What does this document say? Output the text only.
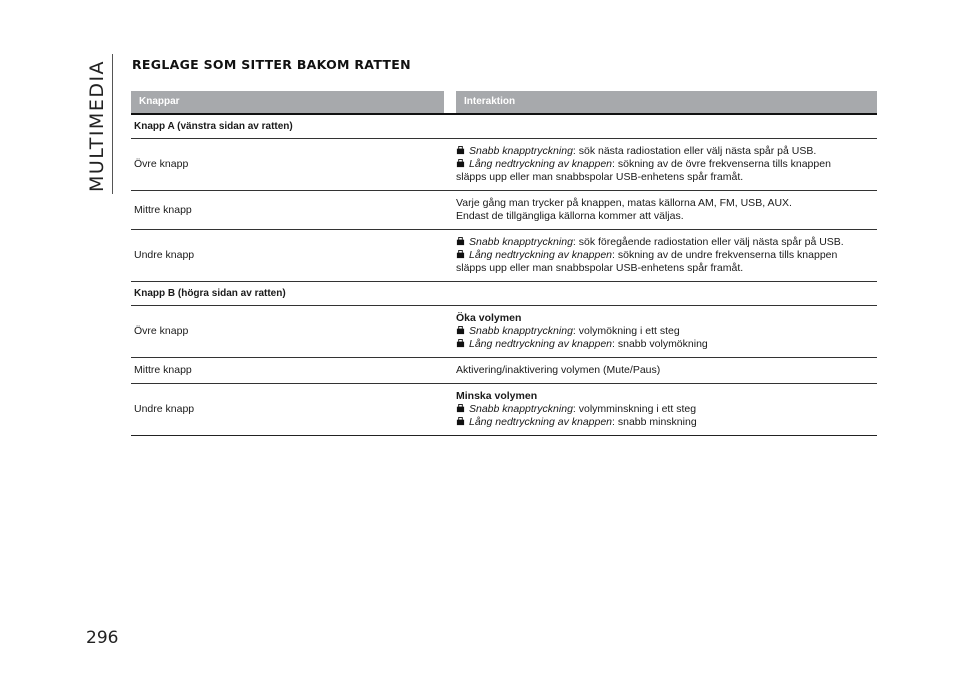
MULTIMEDIA REGLAGE SOM SITTER BAKOM RATTEN
Knappar	Interaktion
Knapp A (vänstra sidan av ratten)
Övre knapp
Snabb knapptryckning: sök nästa radiostation eller välj nästa spår på USB.
Lång nedtryckning av knappen: sökning av de övre frekvenserna tills knappen
släpps upp eller man snabbspolar USB-enhetens spår framåt.
Mittre knapp
Varje gång man trycker på knappen, matas källorna AM, FM, USB, AUX.
Endast de tillgängliga källorna kommer att väljas.
Undre knapp
Snabb knapptryckning: sök föregående radiostation eller välj nästa spår på USB.
Lång nedtryckning av knappen: sökning av de undre frekvenserna tills knappen
släpps upp eller man snabbspolar USB-enhetens spår framåt.
Knapp B (högra sidan av ratten)
Övre knapp
Öka volymen
Snabb knapptryckning: volymökning i ett steg
Lång nedtryckning av knappen: snabb volymökning
Mittre knapp	Aktivering/inaktivering volymen (Mute/Paus)
Undre knapp
Minska volymen
Snabb knapptryckning: volymminskning i ett steg
Lång nedtryckning av knappen: snabb minskning
296
